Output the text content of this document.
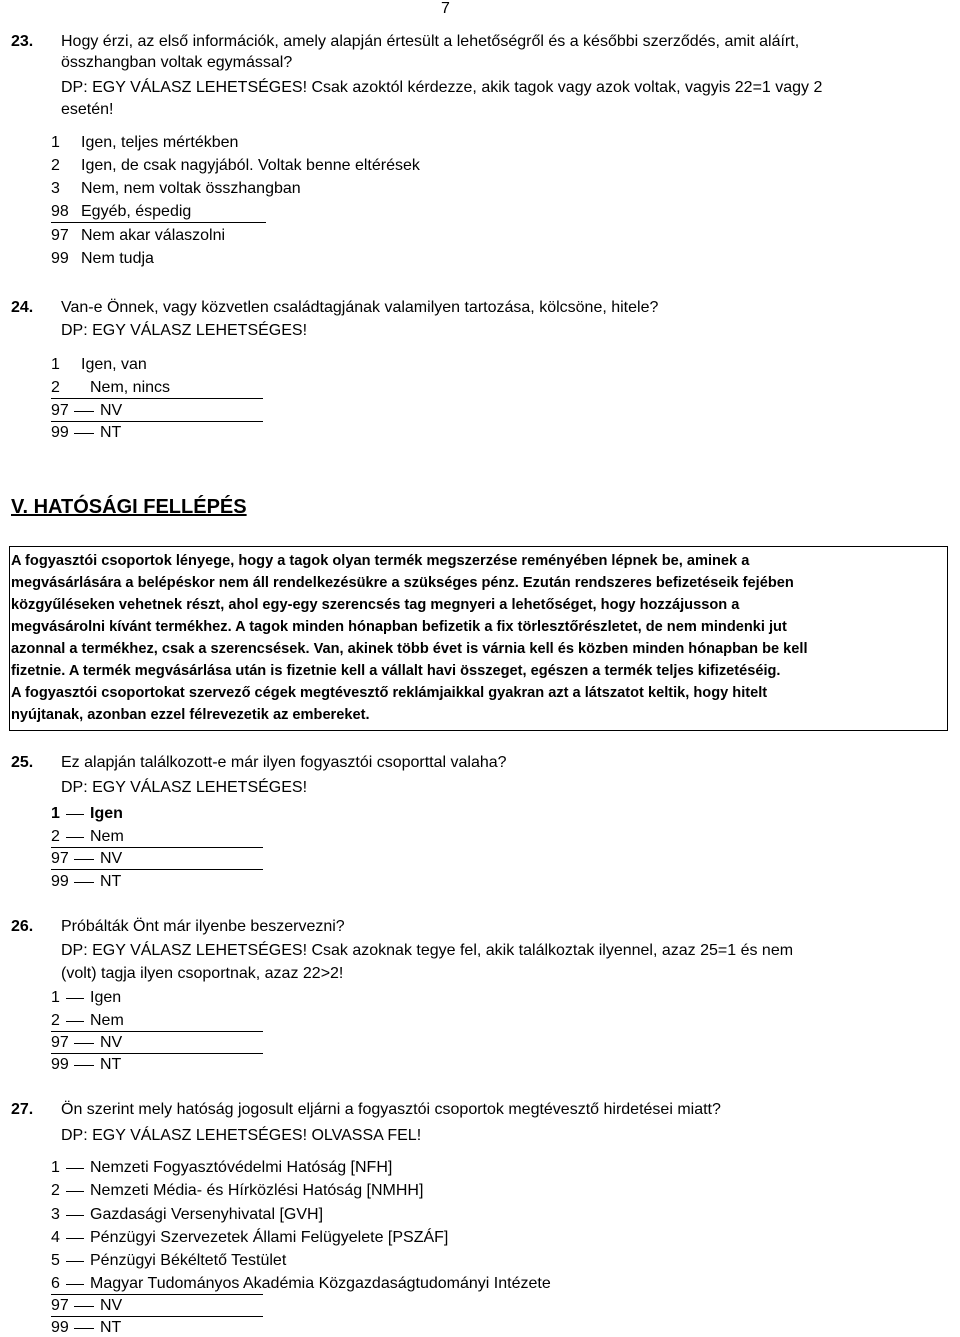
7
23. Hogy érzi, az első információk, amely alapján értesült a lehetőségről és a későbbi szerződés, amit aláírt,
összhangban voltak egymással?
DP: EGY VÁLASZ LEHETSÉGES! Csak azoktól kérdezze, akik tagok vagy azok voltak, vagyis 22=1 vagy 2
esetén!
1 Igen, teljes mértékben
2 Igen, de csak nagyjából. Voltak benne eltérések
3 Nem, nem voltak összhangban
98 Egyéb, éspedig
97 Nem akar válaszolni
99 Nem tudja
24. Van-e Önnek, vagy közvetlen családtagjának valamilyen tartozása, kölcsöne, hitele?
DP: EGY VÁLASZ LEHETSÉGES!
1 Igen, van
2 Nem, nincs
97 NV
99 NT
V. HATÓSÁGI FELLÉPÉS

A fogyasztói csoportok lényege, hogy a tagok olyan termék megszerzése reményében lépnek be, aminek a

megvásárlására a belépéskor nem áll rendelkezésükre a szükséges pénz. Ezután rendszeres befizetéseik fejében

közgyűléseken vehetnek részt, ahol egy-egy szerencsés tag megnyeri a lehetőséget, hogy hozzájusson a

megvásárolni kívánt termékhez. A tagok minden hónapban befizetik a fix törlesztőrészletet, de nem mindenki jut

azonnal a termékhez, csak a szerencsések. Van, akinek több évet is várnia kell és közben minden hónapban be kell

fizetnie. A termék megvásárlása után is fizetnie kell a vállalt havi összeget, egészen a termék teljes kifizetéséig.

A fogyasztói csoportokat szervező cégek megtévesztő reklámjaikkal gyakran azt a látszatot keltik, hogy hitelt

nyújtanak, azonban ezzel félrevezetik az embereket.

25. Ez alapján találkozott-e már ilyen fogyasztói csoporttal valaha?
DP: EGY VÁLASZ LEHETSÉGES!
1 Igen
2 Nem
97 NV
99 NT
26. Próbálták Önt már ilyenbe beszervezni?
DP: EGY VÁLASZ LEHETSÉGES! Csak azoknak tegye fel, akik találkoztak ilyennel, azaz 25=1 és nem
(volt) tagja ilyen csoportnak, azaz 22>2!
1 Igen
2 Nem
97 NV
99 NT
27. Ön szerint mely hatóság jogosult eljárni a fogyasztói csoportok megtévesztő hirdetései miatt?
DP: EGY VÁLASZ LEHETSÉGES! OLVASSA FEL!
1 Nemzeti Fogyasztóvédelmi Hatóság [NFH]
2 Nemzeti Média- és Hírközlési Hatóság [NMHH]
3 Gazdasági Versenyhivatal [GVH]
4 Pénzügyi Szervezetek Állami Felügyelete [PSZÁF]
5 Pénzügyi Békéltető Testület
6 Magyar Tudományos Akadémia Közgazdaságtudományi Intézete
97 NV
99 NT
